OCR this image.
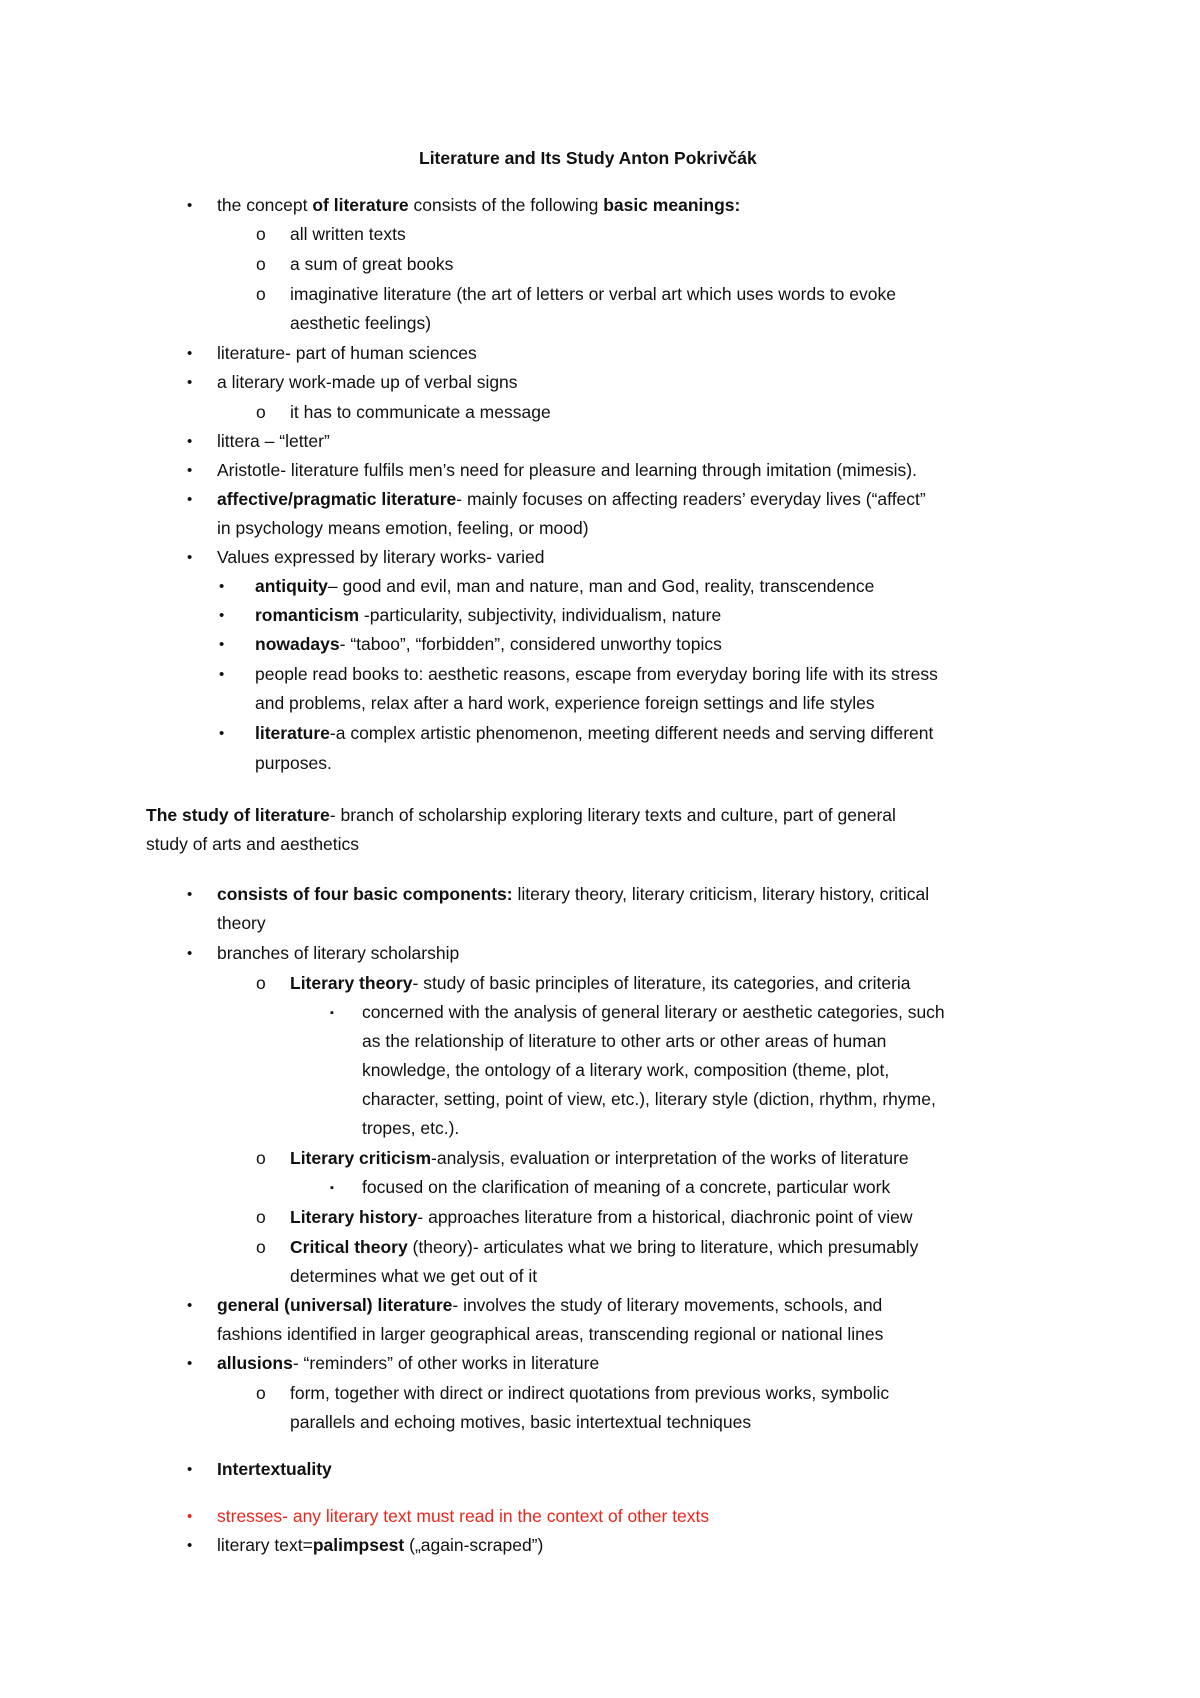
Literature and Its Study Anton Pokrivčák
• the concept of literature consists of the following basic meanings:
o all written texts
o a sum of great books
o imaginative literature (the art of letters or verbal art which uses words to evoke
aesthetic feelings)
• literature- part of human sciences
• a literary work-made up of verbal signs
o it has to communicate a message
• littera – “letter”
• Aristotle- literature fulfils men’s need for pleasure and learning through imitation (mimesis).
• affective/pragmatic literature- mainly focuses on affecting readers’ everyday lives (“affect”
in psychology means emotion, feeling, or mood)
• Values expressed by literary works- varied
• antiquity– good and evil, man and nature, man and God, reality, transcendence
• romanticism -particularity, subjectivity, individualism, nature
• nowadays- “taboo”, “forbidden”, considered unworthy topics
• people read books to: aesthetic reasons, escape from everyday boring life with its stress
and problems, relax after a hard work, experience foreign settings and life styles
• literature-a complex artistic phenomenon, meeting different needs and serving different
purposes.
The study of literature- branch of scholarship exploring literary texts and culture, part of general
study of arts and aesthetics
• consists of four basic components: literary theory, literary criticism, literary history, critical
theory
• branches of literary scholarship
o Literary theory- study of basic principles of literature, its categories, and criteria
▪ concerned with the analysis of general literary or aesthetic categories, such
as the relationship of literature to other arts or other areas of human
knowledge, the ontology of a literary work, composition (theme, plot,
character, setting, point of view, etc.), literary style (diction, rhythm, rhyme,
tropes, etc.).
o Literary criticism-analysis, evaluation or interpretation of the works of literature
▪ focused on the clarification of meaning of a concrete, particular work
o Literary history- approaches literature from a historical, diachronic point of view
o Critical theory (theory)- articulates what we bring to literature, which presumably
determines what we get out of it
• general (universal) literature- involves the study of literary movements, schools, and
fashions identified in larger geographical areas, transcending regional or national lines
• allusions- “reminders” of other works in literature
o form, together with direct or indirect quotations from previous works, symbolic
parallels and echoing motives, basic intertextual techniques
• Intertextuality
• stresses- any literary text must read in the context of other texts
• literary text=palimpsest („again-scraped”)
